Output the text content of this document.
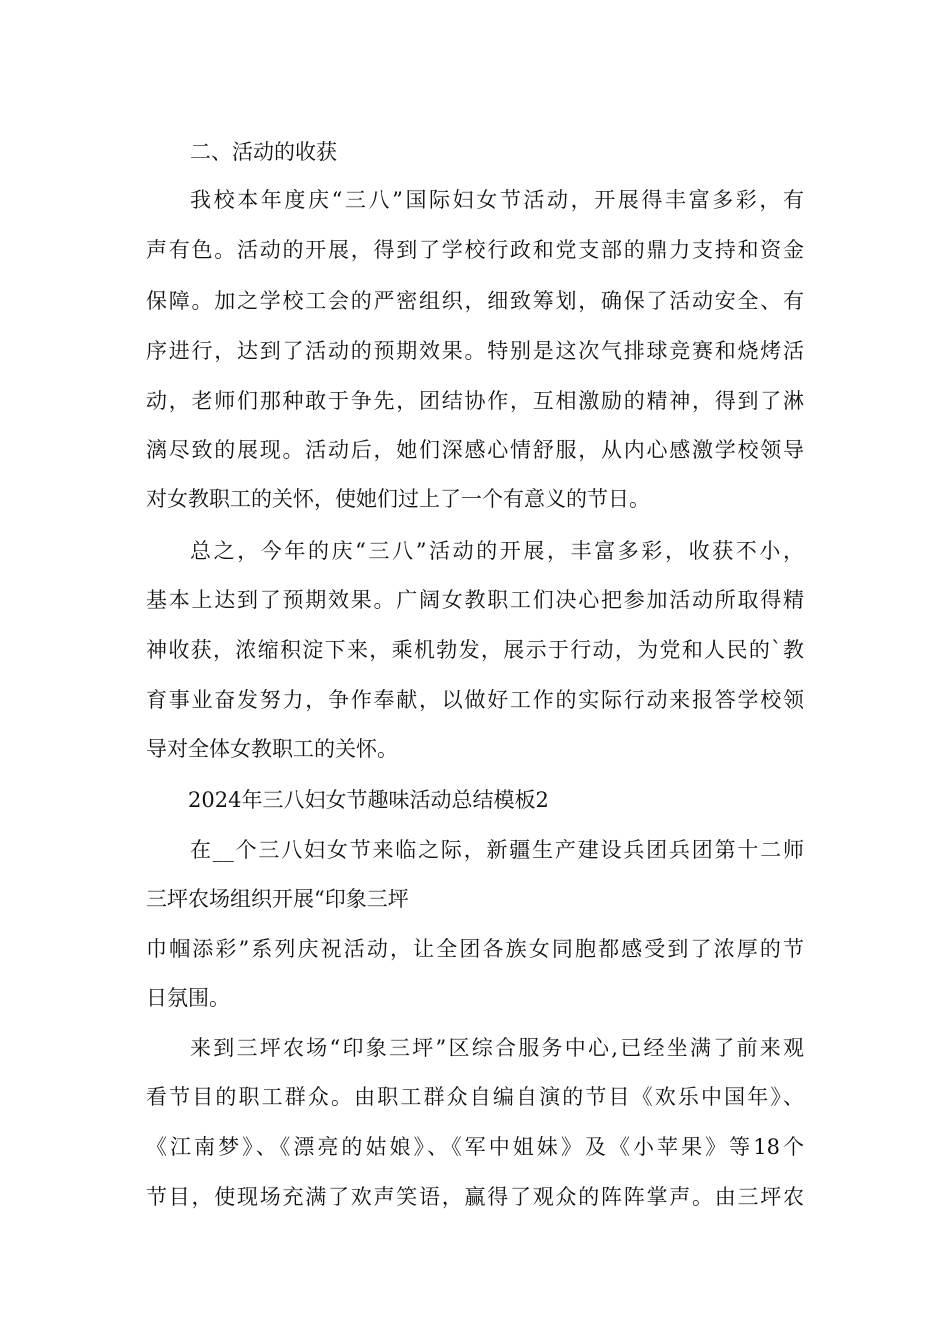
二、活动的收获
我校本年度庆“三八”国际妇女节活动，开展得丰富多彩，有
声有色。活动的开展，得到了学校行政和党支部的鼎力支持和资金
保障。加之学校工会的严密组织，细致筹划，确保了活动安全、有
序进行，达到了活动的预期效果。特别是这次气排球竞赛和烧烤活
动，老师们那种敢于争先，团结协作，互相激励的精神，得到了淋
漓尽致的展现。活动后，她们深感心情舒服，从内心感激学校领导
对女教职工的关怀，使她们过上了一个有意义的节日。
总之，今年的庆“三八”活动的开展，丰富多彩，收获不小，
基本上达到了预期效果。广阔女教职工们决心把参加活动所取得精
神收获，浓缩积淀下来，乘机勃发，展示于行动，为党和人民的`教
育事业奋发努力，争作奉献，以做好工作的实际行动来报答学校领
导对全体女教职工的关怀。
2024年三八妇女节趣味活动总结模板2
在__个三八妇女节来临之际，新疆生产建设兵团兵团第十二师
三坪农场组织开展“印象三坪
巾帼添彩”系列庆祝活动，让全团各族女同胞都感受到了浓厚的节
日氛围。
来到三坪农场“印象三坪”区综合服务中心,已经坐满了前来观
看节目的职工群众。由职工群众自编自演的节目《欢乐中国年》、
《江南梦》、《漂亮的姑娘》、《军中姐妹》及《小苹果》等18个
节目，使现场充满了欢声笑语，赢得了观众的阵阵掌声。由三坪农
